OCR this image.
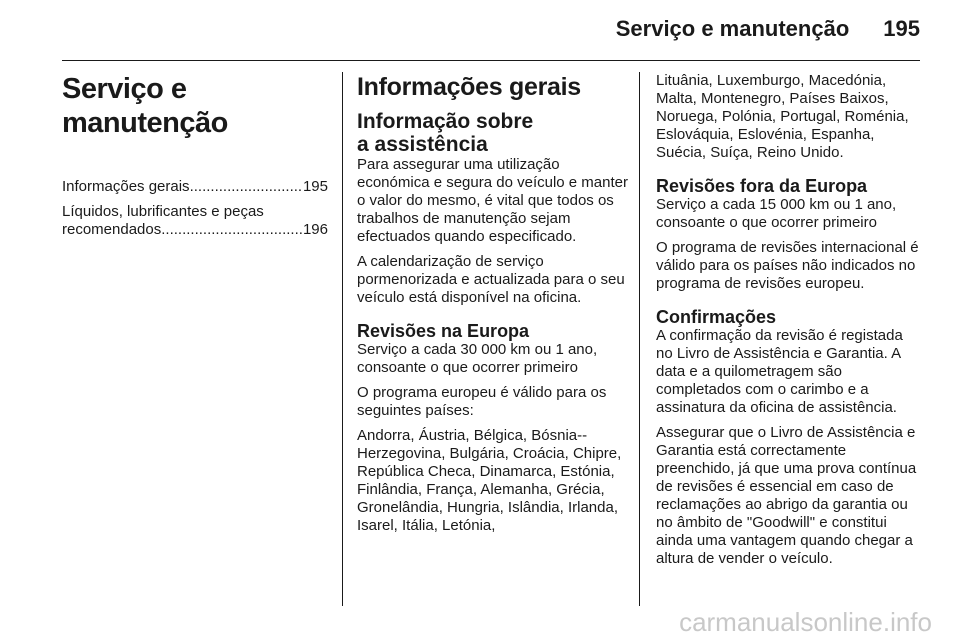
Serviço e manutenção 195
Serviço e manutenção
Informações gerais .....	195
Líquidos, lubrificantes e peças
recomendados .....	196
Informações gerais
Informação sobre
a assistência

Para assegurar uma utilização económica e segura do veículo e manter o valor do mesmo, é vital que todos os trabalhos de manutenção sejam efectuados quando especificado.

A calendarização de serviço pormenorizada e actualizada para o seu veículo está disponível na oficina.

Revisões na Europa

Serviço a cada 30 000 km ou 1 ano, consoante o que ocorrer primeiro

O programa europeu é válido para os seguintes países:

Andorra, Áustria, Bélgica, Bósnia--Herzegovina, Bulgária, Croácia, Chipre, República Checa, Dinamarca, Estónia, Finlândia, França, Alemanha, Grécia, Gronelândia, Hungria, Islândia, Irlanda, Isarel, Itália, Letónia,

Lituânia, Luxemburgo, Macedónia, Malta, Montenegro, Países Baixos, Noruega, Polónia, Portugal, Roménia, Eslováquia, Eslovénia, Espanha, Suécia, Suíça, Reino Unido.

Revisões fora da Europa

Serviço a cada 15 000 km ou 1 ano, consoante o que ocorrer primeiro

O programa de revisões internacional é válido para os países não indicados no programa de revisões europeu.

Confirmações

A confirmação da revisão é registada no Livro de Assistência e Garantia. A data e a quilometragem são completados com o carimbo e a assinatura da oficina de assistência.

Assegurar que o Livro de Assistência e Garantia está correctamente preenchido, já que uma prova contínua de revisões é essencial em caso de reclamações ao abrigo da garantia ou no âmbito de "Goodwill" e constitui ainda uma vantagem quando chegar a altura de vender o veículo.

carmanualsonline.info
